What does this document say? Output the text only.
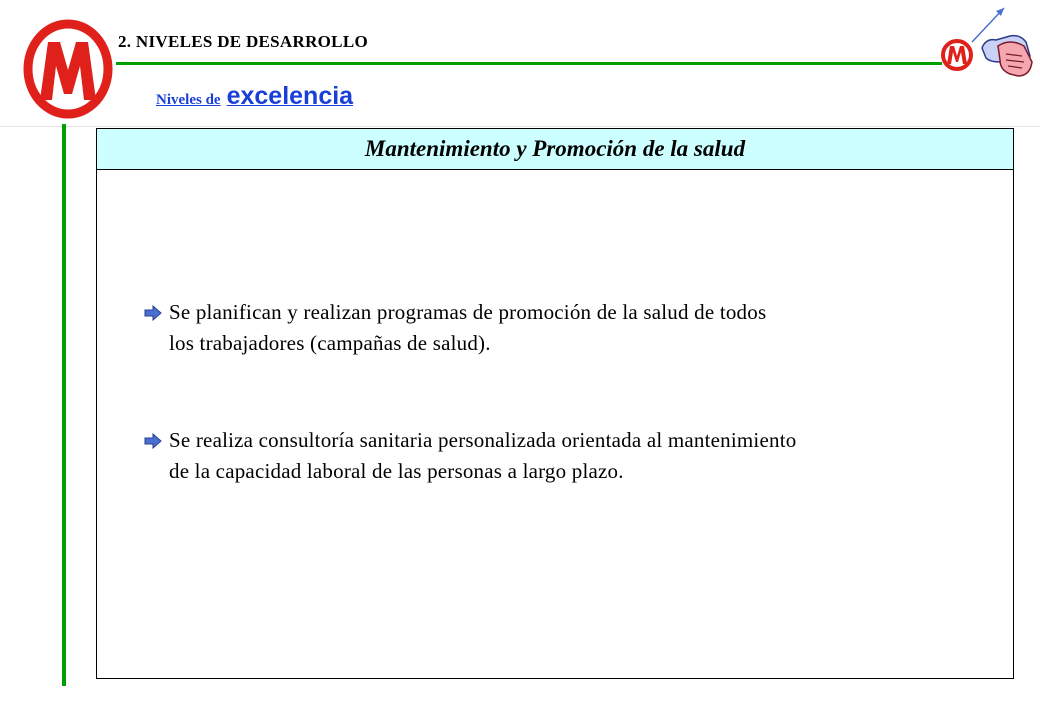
2. NIVELES DE DESARROLLO
Niveles de excelencia
Mantenimiento y Promoción de la salud
Se planifican y realizan programas de promoción de la salud de todos
los trabajadores (campañas de salud).
Se realiza consultoría sanitaria personalizada orientada al mantenimiento
de la capacidad laboral de las personas a largo plazo.
